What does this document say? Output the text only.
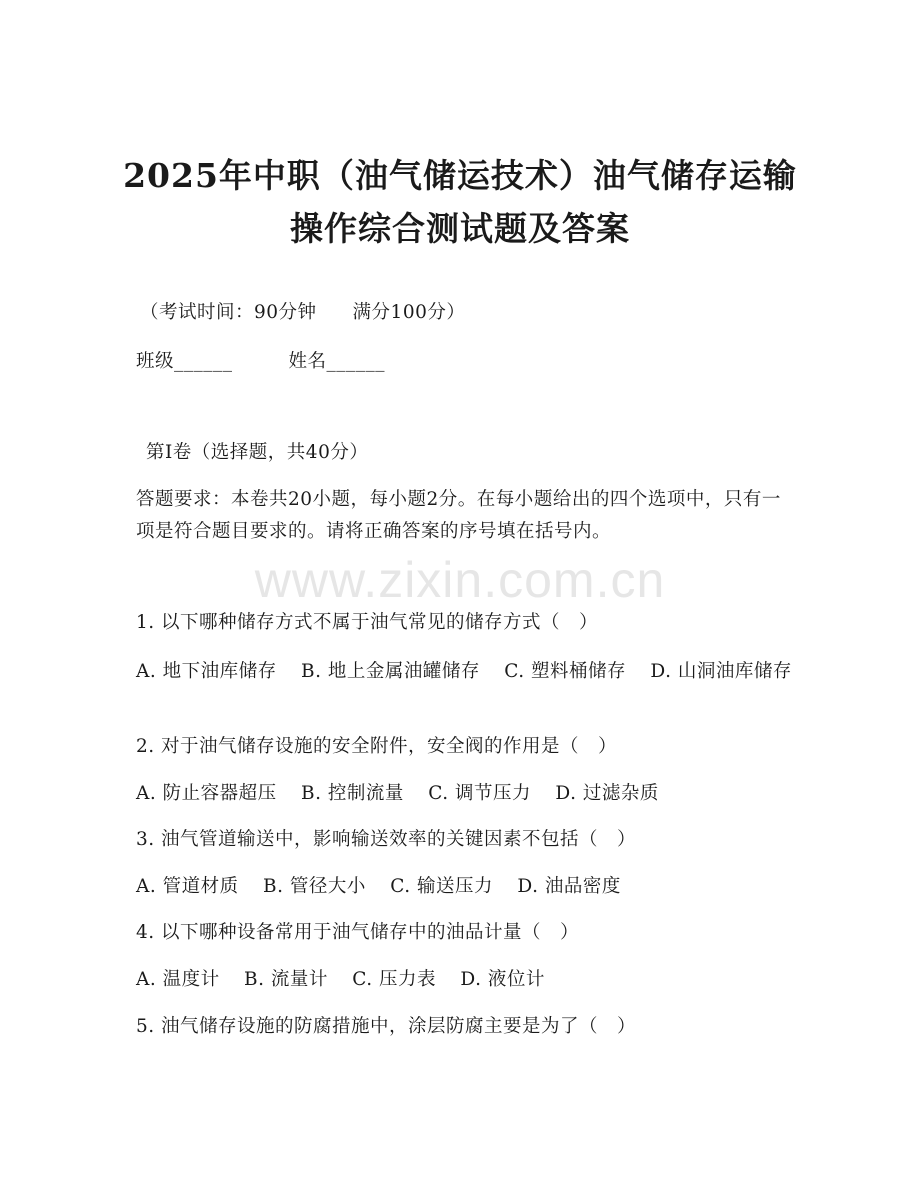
2025年中职（油气储运技术）油气储存运输
操作综合测试题及答案
（考试时间：90分钟 满分100分）
班级______	姓名______
第I卷（选择题，共40分）
答题要求：本卷共20小题，每小题2分。在每小题给出的四个选项中，只有一项是符合题目要求的。请将正确答案的序号填在括号内。
www.zixin.com.cn
1. 以下哪种储存方式不属于油气常见的储存方式（　）
A. 地下油库储存 B. 地上金属油罐储存 C. 塑料桶储存 D. 山洞油库储存
2. 对于油气储存设施的安全附件，安全阀的作用是（　）
A. 防止容器超压 B. 控制流量 C. 调节压力 D. 过滤杂质
3. 油气管道输送中，影响输送效率的关键因素不包括（　）
A. 管道材质 B. 管径大小 C. 输送压力 D. 油品密度
4. 以下哪种设备常用于油气储存中的油品计量（　）
A. 温度计 B. 流量计 C. 压力表 D. 液位计
5. 油气储存设施的防腐措施中，涂层防腐主要是为了（　）
